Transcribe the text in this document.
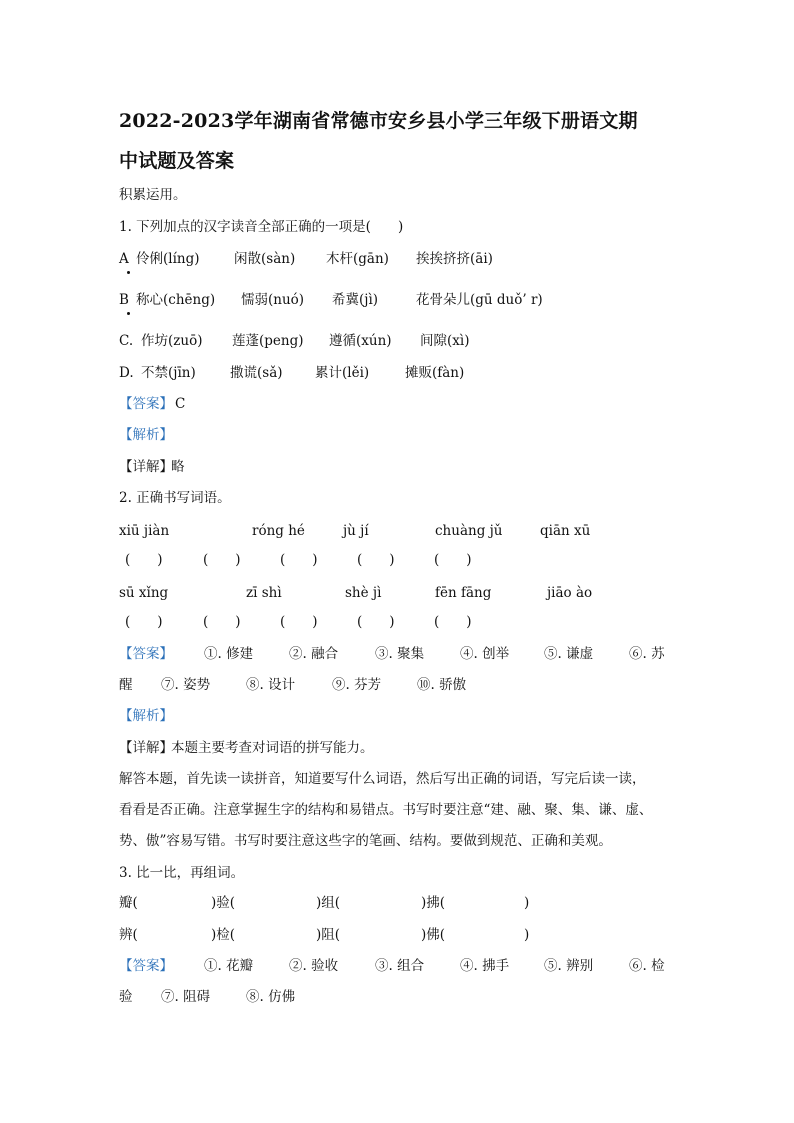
2022-2023学年湖南省常德市安乡县小学三年级下册语文期
中试题及答案
积累运用。
1. 下列加点的汉字读音全部正确的一项是(　　)
A 伶俐(líng)	闲散(sàn) 木杆(gān) 挨挨挤挤(āi)
B 称心(chēng) 懦弱(nuó) 希冀(jì)	花骨朵儿(gū duǒ’ r)
C. 作坊(zuō) 莲蓬(peng) 遵循(xún) 间隙(xì)
D. 不禁(jīn)	撒谎(sǎ) 累计(lěi)	摊贩(fàn)
【答案】 C
【解析】
【详解】
略
2. 正确书写词语。
xiū jiàn	róng hé	jù jí	chuàng jǔ	qiān xū
(　　)	(　　)	(　　)	(　　)	(　　)
sū xǐng	zī shì	shè jì	fēn fāng	jiāo ào
(　　)	(　　)	(　　)	(　　)	(　　)
【答案】 ①. 修建	②. 融合	③. 聚集	④. 创举	⑤. 谦虚	⑥. 苏
醒 ⑦. 姿势	⑧. 设计	⑨. 芬芳	⑩. 骄傲
【解析】
【详解】
本题主要考查对词语的拼写能力。
解答本题，首先读一读拼音，知道要写什么词语，然后写出正确的词语，写完后读一读，
看看是否正确。注意掌握生字的结构和易错点。书写时要注意“建、融、聚、集、谦、虚、
势、傲”容易写错。书写时要注意这些字的笔画、结构。要做到规范、正确和美观。
3. 比一比，再组词。
瓣(	)验(	)组(	)拂(	)
辨(	)检(	)阻(	)佛(	)
【答案】 ①. 花瓣	②. 验收	③. 组合	④. 拂手	⑤. 辨别	⑥. 检
验 ⑦. 阻碍	⑧. 仿佛
